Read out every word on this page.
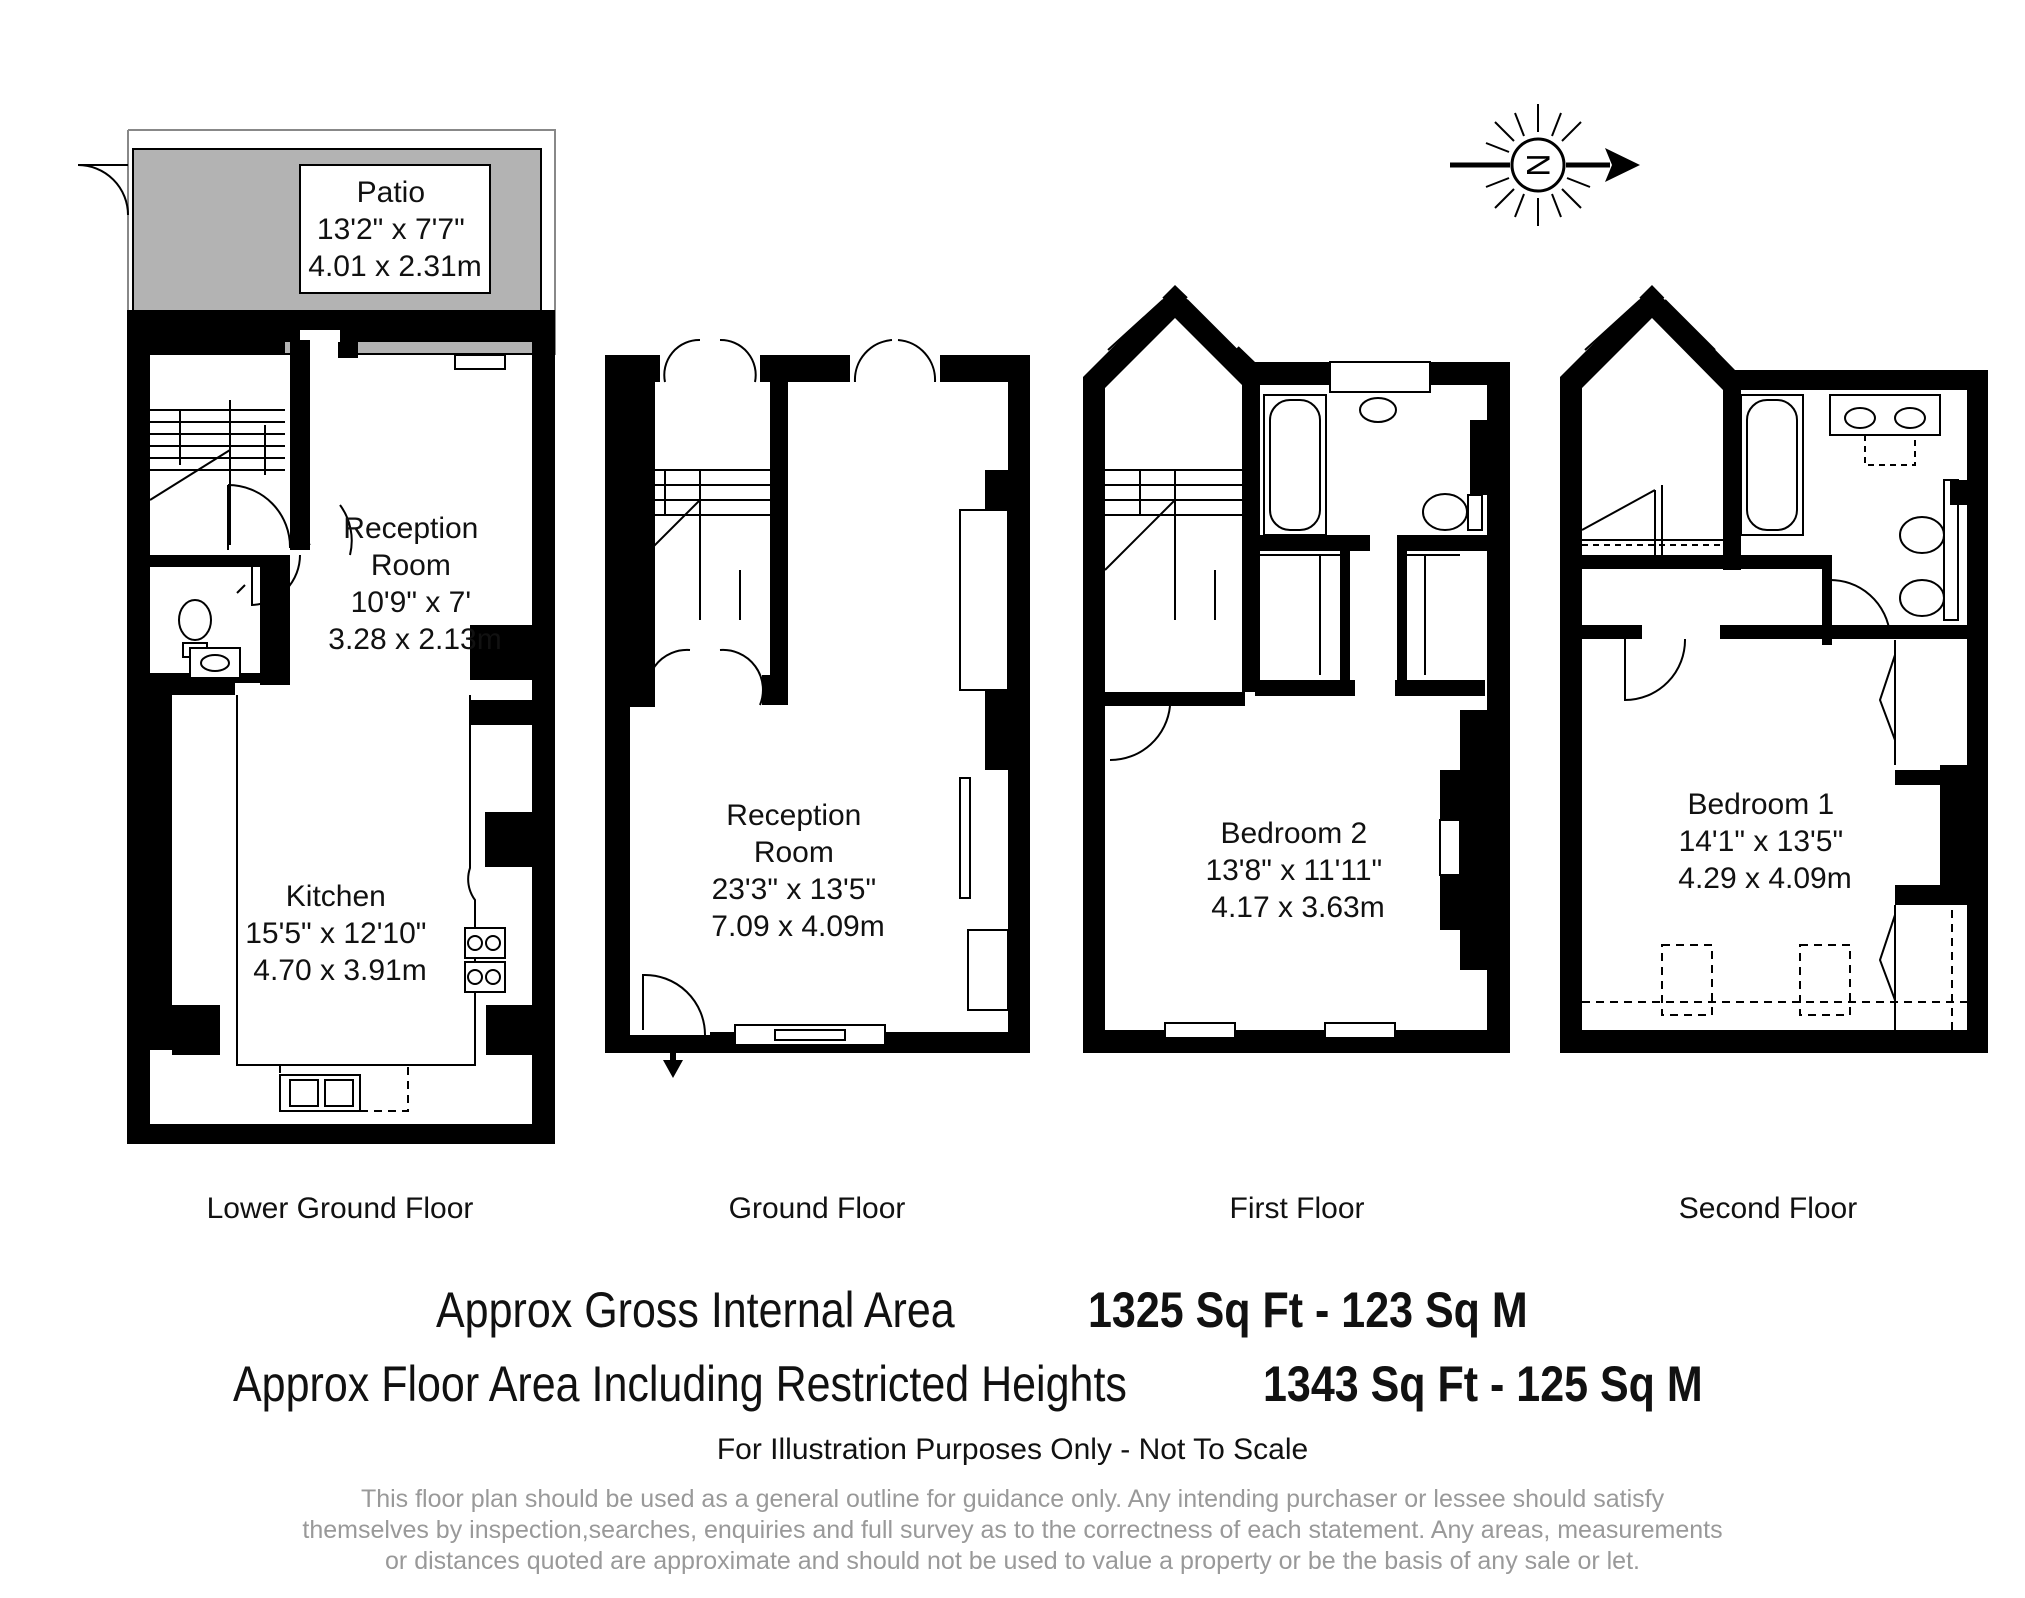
Patio 13'2" x 7'7" 4.01 x 2.31m
Reception Room 10'9" x 7' 3.28 x 2.13m
Kitchen 15'5" x 12'10" 4.70 x 3.91m
Reception Room 23'3" x 13'5" 7.09 x 4.09m
Bedroom 2 13'8" x 11'11" 4.17 x 3.63m
Bedroom 1 14'1" x 13'5" 4.29 x 4.09m
N
Lower Ground Floor	Ground Floor	First Floor	Second Floor
Approx Gross Internal Area	1325 Sq Ft - 123 Sq M
Approx Floor Area Including Restricted Heights	1343 Sq Ft - 125 Sq M
For Illustration Purposes Only - Not To Scale
This floor plan should be used as a general outline for guidance only. Any intending purchaser or lessee should satisfy
themselves by inspection,searches, enquiries and full survey as to the correctness of each statement. Any areas, measurements
or distances quoted are approximate and should not be used to value a property or be the basis of any sale or let.
